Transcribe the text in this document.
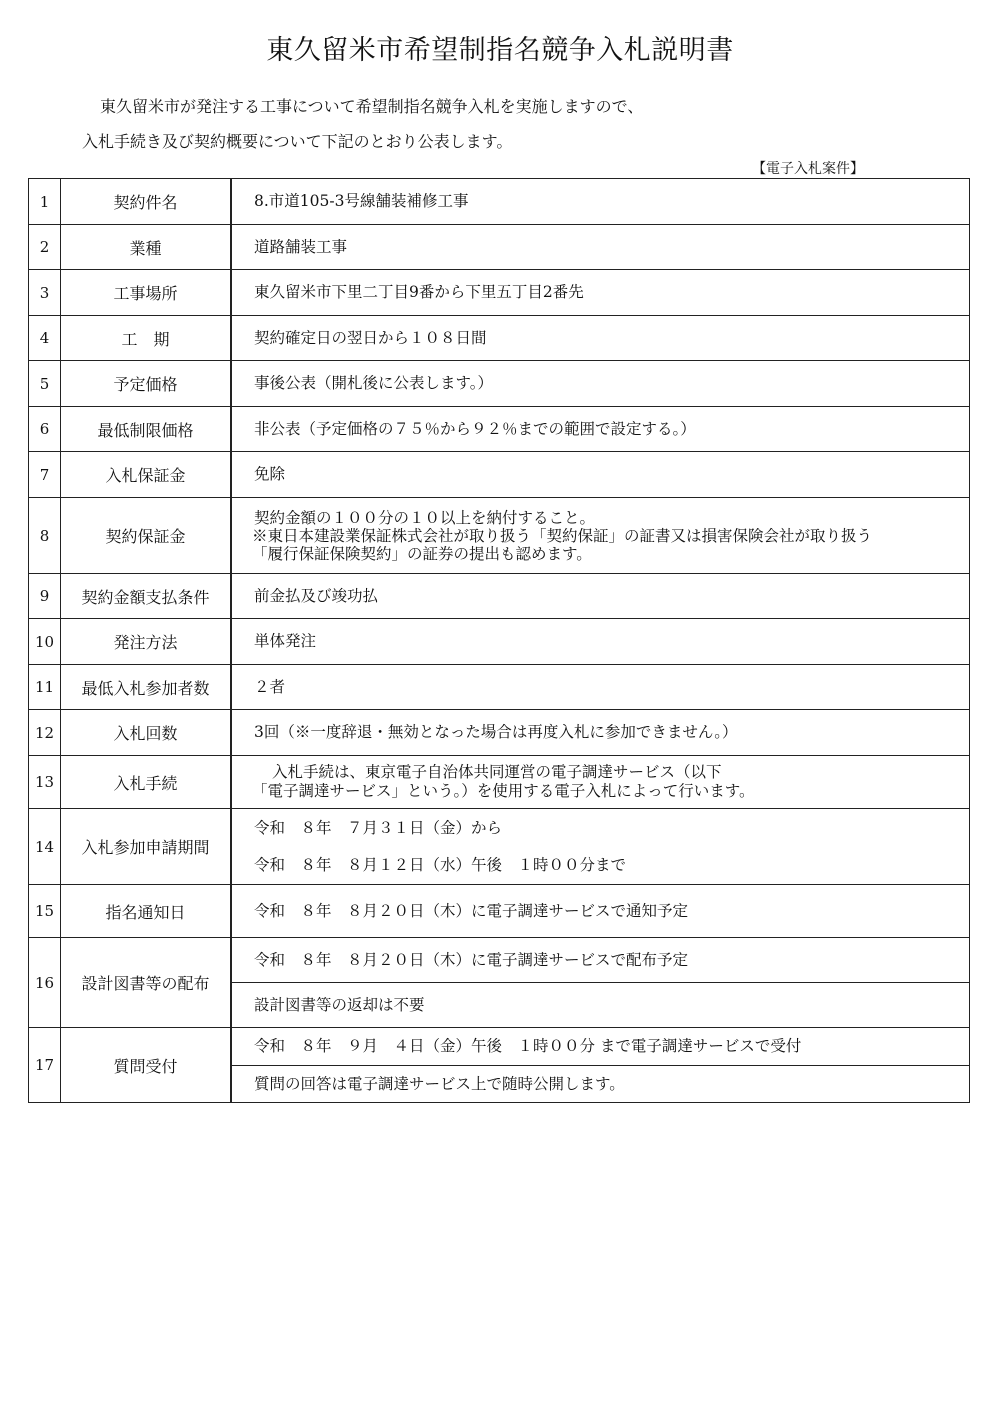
東久留米市希望制指名競争入札説明書
東久留米市が発注する工事について希望制指名競争入札を実施しますので、
入札手続き及び契約概要について下記のとおり公表します。
【電子入札案件】
1	契約件名	8.市道105-3号線舗装補修工事
2	業種	道路舗装工事
3	工事場所	東久留米市下里二丁目9番から下里五丁目2番先
4	工　期	契約確定日の翌日から１０８日間
5	予定価格	事後公表（開札後に公表します。）
6	最低制限価格	非公表（予定価格の７５％から９２％までの範囲で設定する。）
7	入札保証金	免除
8	契約保証金	契約金額の１００分の１０以上を納付すること。
※東日本建設業保証株式会社が取り扱う「契約保証」の証書又は損害保険会社が取り扱う
「履行保証保険契約」の証券の提出も認めます。

9	契約金額支払条件	前金払及び竣功払
10	発注方法	単体発注
11	最低入札参加者数	２者
12	入札回数	3回（※一度辞退・無効となった場合は再度入札に参加できません。）
13	入札手続	入札手続は、東京電子自治体共同運営の電子調達サービス（以下
「電子調達サービス」という。）を使用する電子入札によって行います。

14	入札参加申請期間	令和　８年　７月３１日（金）から
令和　８年　８月１２日（水）午後　１時００分まで

15	指名通知日	令和　８年　８月２０日（木）に電子調達サービスで通知予定
16	設計図書等の配布	令和　８年　８月２０日（木）に電子調達サービスで配布予定
		設計図書等の返却は不要
17	質問受付	令和　８年　９月　４日（金）午後　１時００分 まで電子調達サービスで受付
		質問の回答は電子調達サービス上で随時公開します。
